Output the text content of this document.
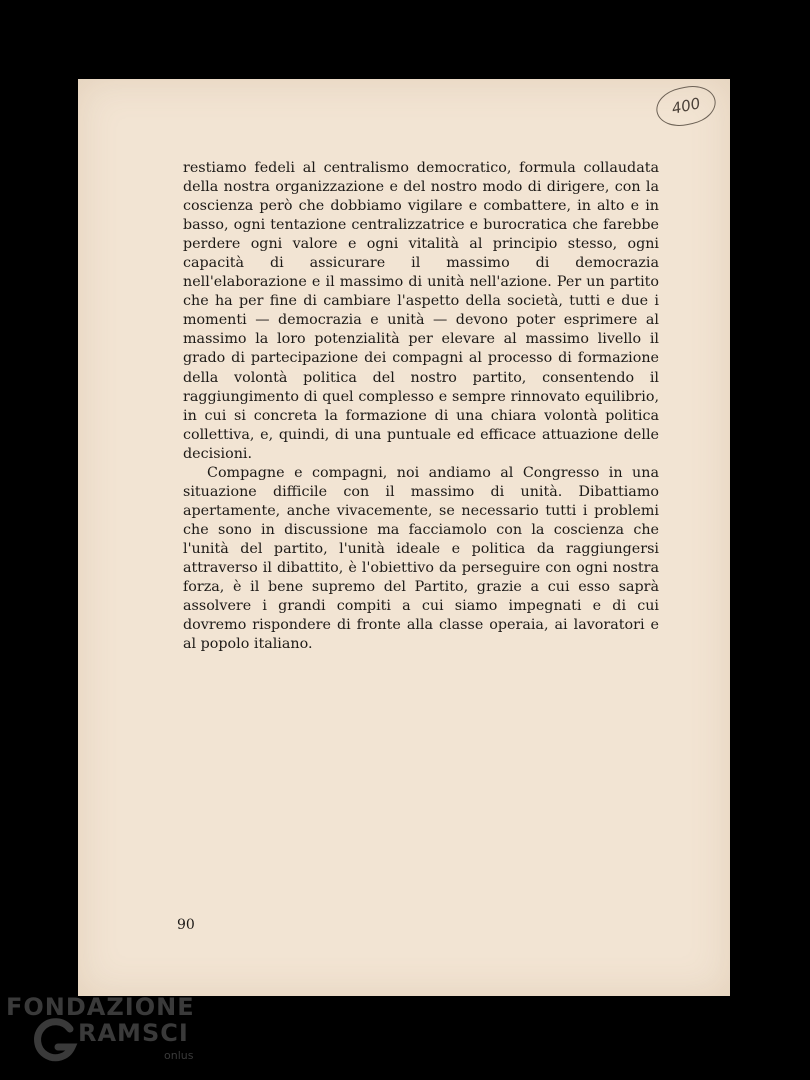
400

restiamo fedeli al centralismo democratico, formula collaudata della nostra organizzazione e del nostro modo di dirigere, con la coscienza però che dobbiamo vigilare e combattere, in alto e in basso, ogni tentazione centralizzatrice e burocratica che farebbe perdere ogni valore e ogni vitalità al principio stesso, ogni capacità di assicurare il massimo di democrazia nell'elaborazione e il massimo di unità nell'azione. Per un partito che ha per fine di cambiare l'aspetto della società, tutti e due i momenti — democrazia e unità — devono poter esprimere al massimo la loro potenzialità per elevare al massimo livello il grado di partecipazione dei compagni al processo di formazione della volontà politica del nostro partito, consentendo il raggiungimento di quel complesso e sempre rinnovato equilibrio, in cui si concreta la formazione di una chiara volontà politica collettiva, e, quindi, di una puntuale ed efficace attuazione delle decisioni.

Compagne e compagni, noi andiamo al Congresso in una situazione difficile con il massimo di unità. Dibattiamo apertamente, anche vivacemente, se necessario tutti i problemi che sono in discussione ma facciamolo con la coscienza che l'unità del partito, l'unità ideale e politica da raggiungersi attraverso il dibattito, è l'obiettivo da perseguire con ogni nostra forza, è il bene supremo del Partito, grazie a cui esso saprà assolvere i grandi compiti a cui siamo impegnati e di cui dovremo rispondere di fronte alla classe operaia, ai lavoratori e al popolo italiano.

90
FONDAZIONE
RAMSCI
onlus
